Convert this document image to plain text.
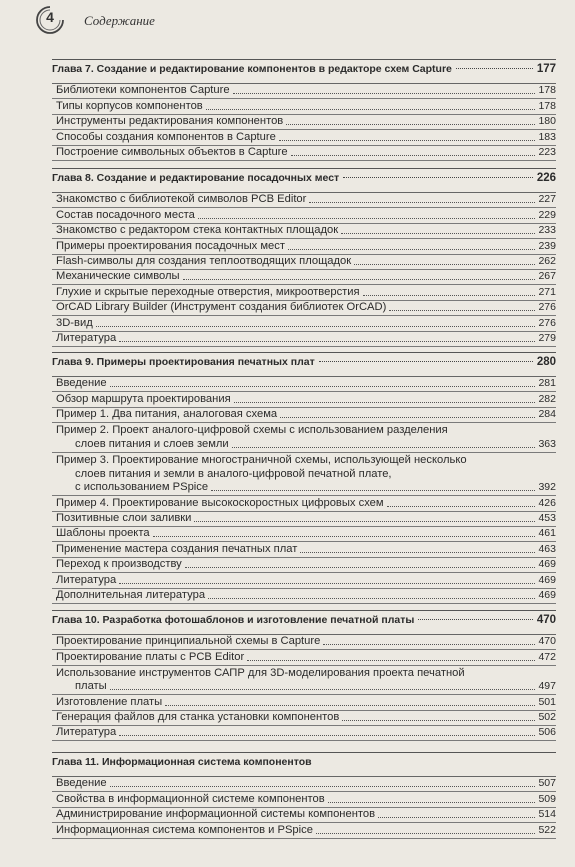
4	Содержание
Глава 7. Создание и редактирование компонентов в редакторе схем Capture	177
Библиотеки компонентов Capture	178
Типы корпусов компонентов	178
Инструменты редактирования компонентов	180
Способы создания компонентов в Capture	183
Построение символьных объектов в Capture	223
Глава 8. Создание и редактирование посадочных мест	226
Знакомство с библиотекой символов PCB Editor	227
Состав посадочного места	229
Знакомство с редактором стека контактных площадок	233
Примеры проектирования посадочных мест	239
Flash-символы для создания теплоотводящих площадок	262
Механические символы	267
Глухие и скрытые переходные отверстия, микроотверстия	271
OrCAD Library Builder (Инструмент создания библиотек OrCAD)	276
3D-вид	276
Литература	279
Глава 9. Примеры проектирования печатных плат	280
Введение	281
Обзор маршрута проектирования	282
Пример 1. Два питания, аналоговая схема	284
Пример 2. Проект аналого-цифровой схемы с использованием разделения
слоев питания и слоев земли	363
Пример 3. Проектирование многостраничной схемы, использующей несколько
слоев питания и земли в аналого-цифровой печатной плате,
с использованием PSpice	392
Пример 4. Проектирование высокоскоростных цифровых схем	426
Позитивные слои заливки	453
Шаблоны проекта	461
Применение мастера создания печатных плат	463
Переход к производству	469
Литература	469
Дополнительная литература	469
Глава 10. Разработка фотошаблонов и изготовление печатной платы	470
Проектирование принципиальной схемы в Capture	470
Проектирование платы с PCB Editor	472
Использование инструментов САПР для 3D-моделирования проекта печатной
платы	497
Изготовление платы	501
Генерация файлов для станка установки компонентов	502
Литература	506
Глава 11. Информационная система компонентов
Введение	507
Свойства в информационной системе компонентов	509
Администрирование информационной системы компонентов	514
Информационная система компонентов и PSpice	522
